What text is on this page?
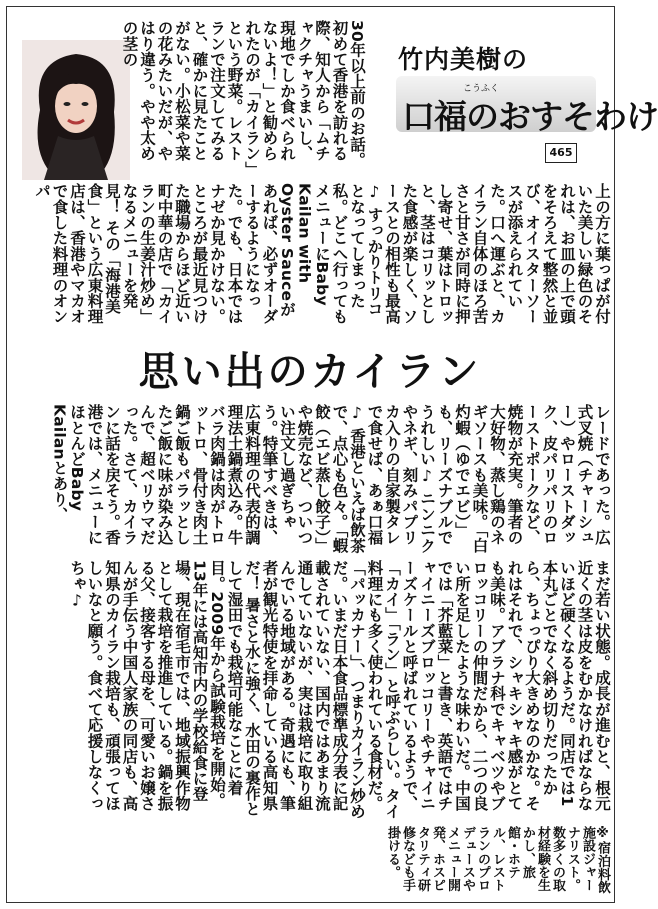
竹内美樹の
こうふく
口福のおすそわけ
465
30年以上前のお話。初めて香港を訪れる際、知人から「ムチャクチャうまいし、現地でしか食べられないよ！」と勧められたのが「カイラン」という野菜。レストランで注文してみると、確かに見たことがない。小松菜や菜の花みたいだが、やはり違う。やや太めの茎の
上の方に葉っぱが付いた美しい緑色のそれは、お皿の上で頭をそろえて整然と並び、オイスターソースが添えられていた。口へ運ぶと、カイラン自体のほろ苦さと甘さが同時に押し寄せ、葉はトロッと、茎はコリッとした食感が楽しく、ソースとの相性も最高♪ すっかりトリコとなってしまった私。どこへ行ってもメニューにBaby Kailan with Oyster Sauceがあれば、必ずオーダーするようになった。でも、日本ではナゼか見かけない。ところが最近見つけた職場からほど近い町中華の店で「カイランの生姜汁炒め」なるメニューを発見！ その「海港美食」という広東料理店は、香港やマカオで食した料理のオンパ
思い出のカイラン
レードであった。広式叉焼（チャーシュー）やローストダック、皮パリパリのローストポークなど、焼物が充実。筆者の大好物、蒸し鶏のネギソースも美味。「白灼蝦（ゆでエビ）」も、リーズナブルでうれしい♪ ニンニクやネギ、刻みパプリカ入りの自家製タレで食せば、あぁ口福♪ 香港といえば飲茶で、点心も色々。「蝦餃（エビ蒸し餃子）」や焼売など、ついつい注文し過ぎちゃう。特筆すべきは、広東料理の代表的調理法土鍋煮込み。牛バラ肉鍋は肉がトロットロ、骨付き肉土鍋ご飯もパラッとしたご飯に味が染み込んで、超ベリウマだった。さて、カイランに話を戻そう。香港では、メニューにほとんどBaby Kailanとあり、
まだ若い状態。成長が進むと、根元近くの茎は皮をむかなければならないほど硬くなるようだ。同店では1本丸ごとでなく斜め切りだったから、ちょっぴり大きめなのかな。それはそれで、シャキシャキ感がとても美味。アブラナ科でキャベツやブロッコリーの仲間だから、二つの良い所を足したような味わいだ。中国では「芥藍菜」と書き、英語ではチャイニーズブロッコリーやチャイニーズケールと呼ばれているようで、「カイ」「ラン」と呼ぶらしい。タイ料理にも多く使われている食材だ。「パッカナー」、つまりカイラン炒めだ。いまだ日本食品標準成分表に記載されていない、国内ではあまり流通していないが、実は栽培に取り組んでいる地域がある。奇遇にも、筆者が観光特使を拝命している高知県だ！ 暑さと水に強く、水田の裏作として湿田でも栽培可能なことに着目。2009年から試験栽培を開始。13年には高知市内の学校給食に登場、現在宿毛市では、地域振興作物として栽培を推進している。鍋を振る父、接客する母を、可愛いお嬢さんが手伝う中国人家族の同店も、高知県のカイラン栽培も、頑張ってほしいなと願う。食べて応援しなくっちゃ♪
※宿泊料飲施設ジャーナリスト。数多くの取材経験を生かし、旅館・ホテル、レストランのプロデュースやメニュー開発、ホスピタリティ研修なども手掛ける。
